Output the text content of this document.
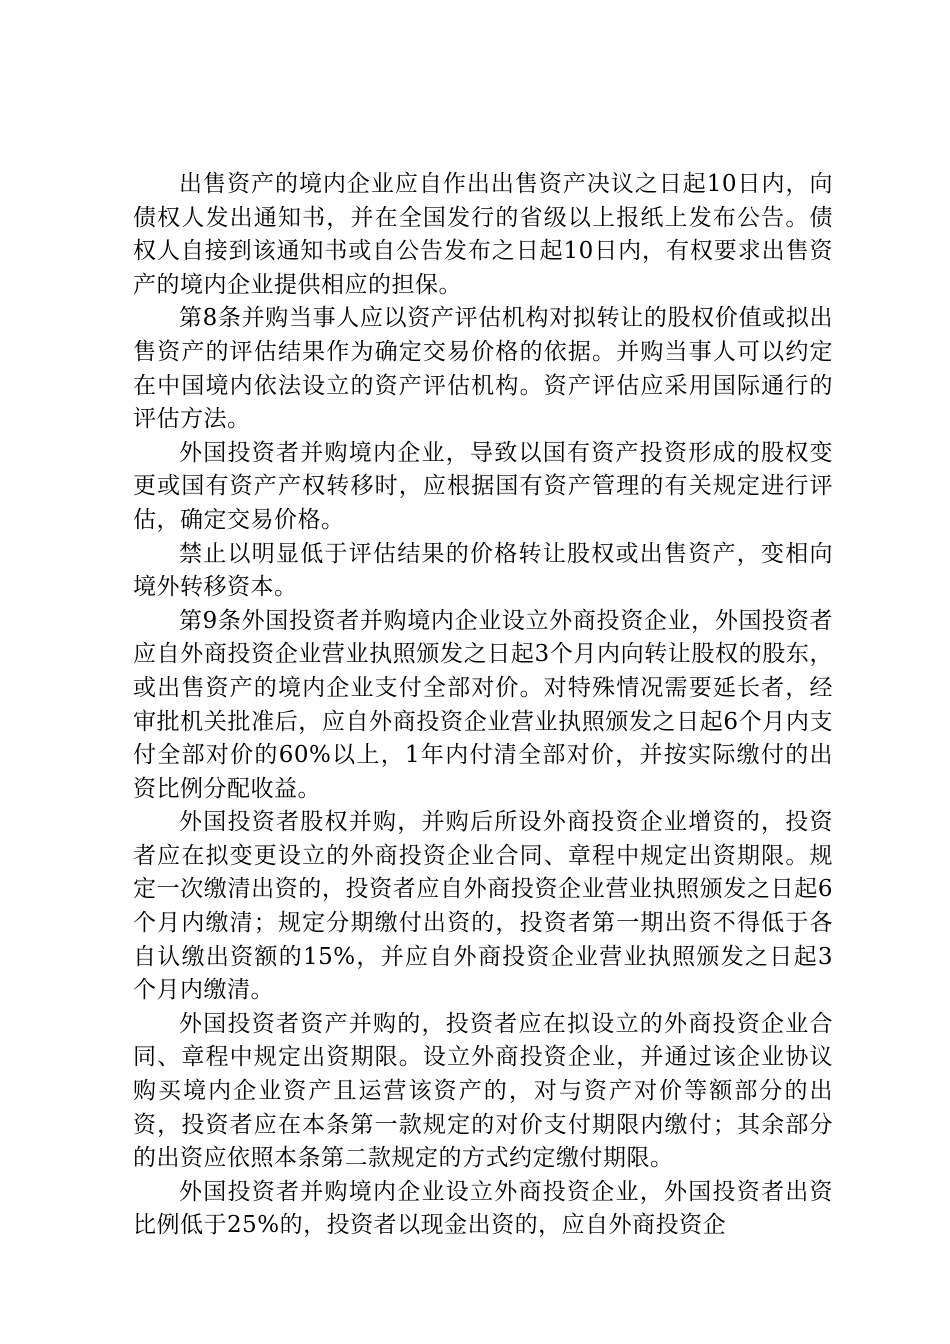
出售资产的境内企业应自作出出售资产决议之日起10日内，向债权人发出通知书，并在全国发行的省级以上报纸上发布公告。债权人自接到该通知书或自公告发布之日起10日内，有权要求出售资产的境内企业提供相应的担保。

第8条并购当事人应以资产评估机构对拟转让的股权价值或拟出售资产的评估结果作为确定交易价格的依据。并购当事人可以约定在中国境内依法设立的资产评估机构。资产评估应采用国际通行的评估方法。

外国投资者并购境内企业，导致以国有资产投资形成的股权变更或国有资产产权转移时，应根据国有资产管理的有关规定进行评估，确定交易价格。

禁止以明显低于评估结果的价格转让股权或出售资产，变相向境外转移资本。

第9条外国投资者并购境内企业设立外商投资企业，外国投资者应自外商投资企业营业执照颁发之日起3个月内向转让股权的股东，或出售资产的境内企业支付全部对价。对特殊情况需要延长者，经审批机关批准后，应自外商投资企业营业执照颁发之日起6个月内支付全部对价的60%以上，1年内付清全部对价，并按实际缴付的出资比例分配收益。

外国投资者股权并购，并购后所设外商投资企业增资的，投资者应在拟变更设立的外商投资企业合同、章程中规定出资期限。规定一次缴清出资的，投资者应自外商投资企业营业执照颁发之日起6个月内缴清；规定分期缴付出资的，投资者第一期出资不得低于各自认缴出资额的15%，并应自外商投资企业营业执照颁发之日起3个月内缴清。

外国投资者资产并购的，投资者应在拟设立的外商投资企业合同、章程中规定出资期限。设立外商投资企业，并通过该企业协议购买境内企业资产且运营该资产的，对与资产对价等额部分的出资，投资者应在本条第一款规定的对价支付期限内缴付；其余部分的出资应依照本条第二款规定的方式约定缴付期限。

外国投资者并购境内企业设立外商投资企业，外国投资者出资比例低于25%的，投资者以现金出资的，应自外商投资企
